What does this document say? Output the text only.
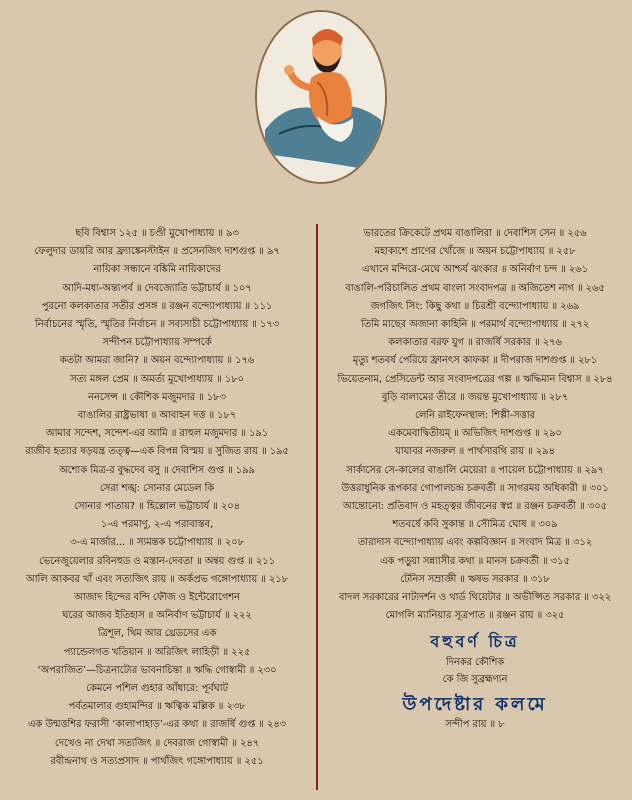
ছবি বিশ্বাস ১২৫ ॥ চণ্ডী মুখোপাধ্যায় ॥ ৯৩
ফেলুদার ডায়রি আর ফ্র্যাঙ্কেনস্টাইন ॥ প্রসেনজিৎ দাশগুপ্ত ॥ ৯৭
নায়িকা সন্ধানে বঙ্কিমি নায়িকাদের
আদি-মধ্য-অন্ত্যপর্ব ॥ দেবজ্যোতি ভট্টাচার্য ॥ ১০৭
পুরনো কলকাতার সতীর প্রসঙ্গ ॥ রঞ্জন বন্দ্যোপাধ্যায় ॥ ১১১
নির্বাচনের স্মৃতি, স্মৃতির নির্বাচন ॥ সব্যসাচী চট্টোপাধ্যায় ॥ ১৭৩
সন্দীপন চট্টোপাধ্যায় সম্পর্কে
কতটা আমরা জানি? ॥ অয়ন বন্দ্যোপাধ্যায় ॥ ১৭৬
সত্য মঙ্গল প্রেম ॥ অমর্ত্য মুখোপাধ্যায় ॥ ১৮০
ননসেন্স ॥ কৌশিক মজুমদার ॥ ১৮৩
বাঙালির রাষ্ট্রভাষা ॥ আবাহন দত্ত ॥ ১৮৭
আমার সন্দেশ, সন্দেশ-এর আমি ॥ রাহুল মজুমদার ॥ ১৯১
রাজীব হত্যার ষড়যন্ত্র তত্ত্ব—এক বিপন্ন বিস্ময় ॥ সুজিত রায় ॥ ১৯৫
অশোক মিত্র-র বুদ্ধদেব বসু ॥ দেবাশিস গুপ্ত ॥ ১৯৯
সেরা শঙ্খ: সোনার মেডেল কি
সোনার পাতায়? ॥ হিল্লোল ভট্টাচার্য ॥ ২০৪
১-এ পরমাণু, ২-এ পরাবাস্তব,
৩-এ মার্জার... ॥ স্যমন্তক চট্টোপাধ্যায় ॥ ২০৮
ভেনেজুয়েলার রবিনহুড ও মস্তান-দেবতা ॥ অন্বয় গুপ্ত ॥ ২১১
আলি আকবর খাঁ এবং সত্যজিৎ রায় ॥ অর্কপ্রভ গঙ্গোপাধ্যায় ॥ ২১৮
আজাদ হিন্দের বন্দি ফৌজ ও ইন্টেরোগেশন
ঘরের আজব ইতিহাস ॥ অনির্বাণ ভট্টাচার্য ॥ ২২২
ত্রিশূল, থিম আর থ্রেডসের এক
প্যান্ডেলগত খতিয়ান ॥ অরিজিৎ লাহিড়ী ॥ ২২৫
‘অপরাজিত’—চিত্রনাট্যের ভাবনাচিন্তা ॥ ঋদ্ধি গোস্বামী ॥ ২৩০
কেমনে পশিল গুহার আঁধারে: পূর্বঘাট
পর্বতমালার গুহামন্দির ॥ ঋত্বিক মল্লিক ॥ ২৩৮
এক উন্মত্তশির ফরাসী ‘কালাপাহাড়’-এর কথা ॥ রাজর্ষি গুপ্ত ॥ ২৪৩
দেখেও না দেখা সত্যজিৎ ॥ দেবরাজ গোস্বামী ॥ ২৪৭
রবীন্দ্রনাথ ও সত্যপ্রসাদ ॥ পার্থজিৎ গঙ্গোপাধ্যায় ॥ ২৫১
ভারতের ক্রিকেটে প্রথম বাঙালিরা ॥ দেবাশিস সেন ॥ ২৫৬
মহাকাশে প্রাণের খোঁজে ॥ অয়ন চট্টোপাধ্যায় ॥ ২৫৮
এখানে মন্দিরে-মেঘে আশ্চর্য ঝংকার ॥ অনির্বাণ চন্দ ॥ ২৬১
বাঙালি-পরিচালিত প্রথম বাংলা সংবাদপত্র ॥ অজিতেশ নাগ ॥ ২৬৫
জগজিৎ সিং: কিছু কথা ॥ চিরশ্রী বন্দ্যোপাধ্যায় ॥ ২৬৯
তিমি মাছের অজানা কাহিনি ॥ পরমার্থ বন্দ্যোপাধ্যায় ॥ ২৭২
কলকাতার বরফ যুগ ॥ রাজর্ষি সরকার ॥ ২৭৬
মৃত্যু শতবর্ষ পেরিয়ে ফ্রানৎস কাফকা ॥ দীপরাজ দাশগুপ্ত ॥ ২৮১
ভিয়েতনাম, প্রেসিডেন্ট আর সংবাদপত্রের গল্প ॥ ঋদ্ধিমান বিশ্বাস ॥ ২৮৪
বুড়ি বালামের তীরে ॥ জয়ন্ত মুখোপাধ্যায় ॥ ২৮৭
লেনি রাইফেনস্থাল: শিল্পী-সত্তার
একমেবাদ্বিতীয়ম্‌ ॥ অভিজিৎ দাশগুপ্ত ॥ ২৯০
যাযাবর নজরুল ॥ পার্থসারথি রায় ॥ ২৯৪
সার্কাসের সে-কালের বাঙালি মেয়েরা ॥ পায়েল চট্টোপাধ্যায় ॥ ২৯৭
উত্তরাধুনিক রূপকার গোপালচন্দ্র চক্রবর্তী ॥ সাগরময় অধিকারী ॥ ৩০১
আন্তোনো: প্রতিবাদ ও মহত্ত্বর জীবনের স্বপ্ন ॥ রঞ্জন চক্রবর্তী ॥ ৩০৫
শতবর্ষে কবি সুকান্ত ॥ সৌমিত্র ঘোষ ॥ ৩০৯
তারাদাস বন্দ্যোপাধ্যায় এবং কল্পবিজ্ঞান ॥ সংবাদ মিত্র ॥ ৩১২
এক পড়ুয়া সন্ন্যাসীর কথা ॥ মানস চক্রবর্তী ॥ ৩১৫
টেনিস সম্রাজ্ঞী ॥ ঋষভ সরকার ॥ ৩১৮
বাদল সরকারের নাট্যদর্শন ও থার্ড থিয়েটার ॥ অভীপ্সিত সরকার ॥ ৩২২
মোগলি ম্যানিয়ার সূত্রপাত ॥ রঞ্জন রায় ॥ ৩২৫
বহুবর্ণ চিত্র
দিনকর কৌশিক
কে জি সুব্রহ্মণ্যন
উপদেষ্টার কলমে
সন্দীপ রায় ॥ ৮
